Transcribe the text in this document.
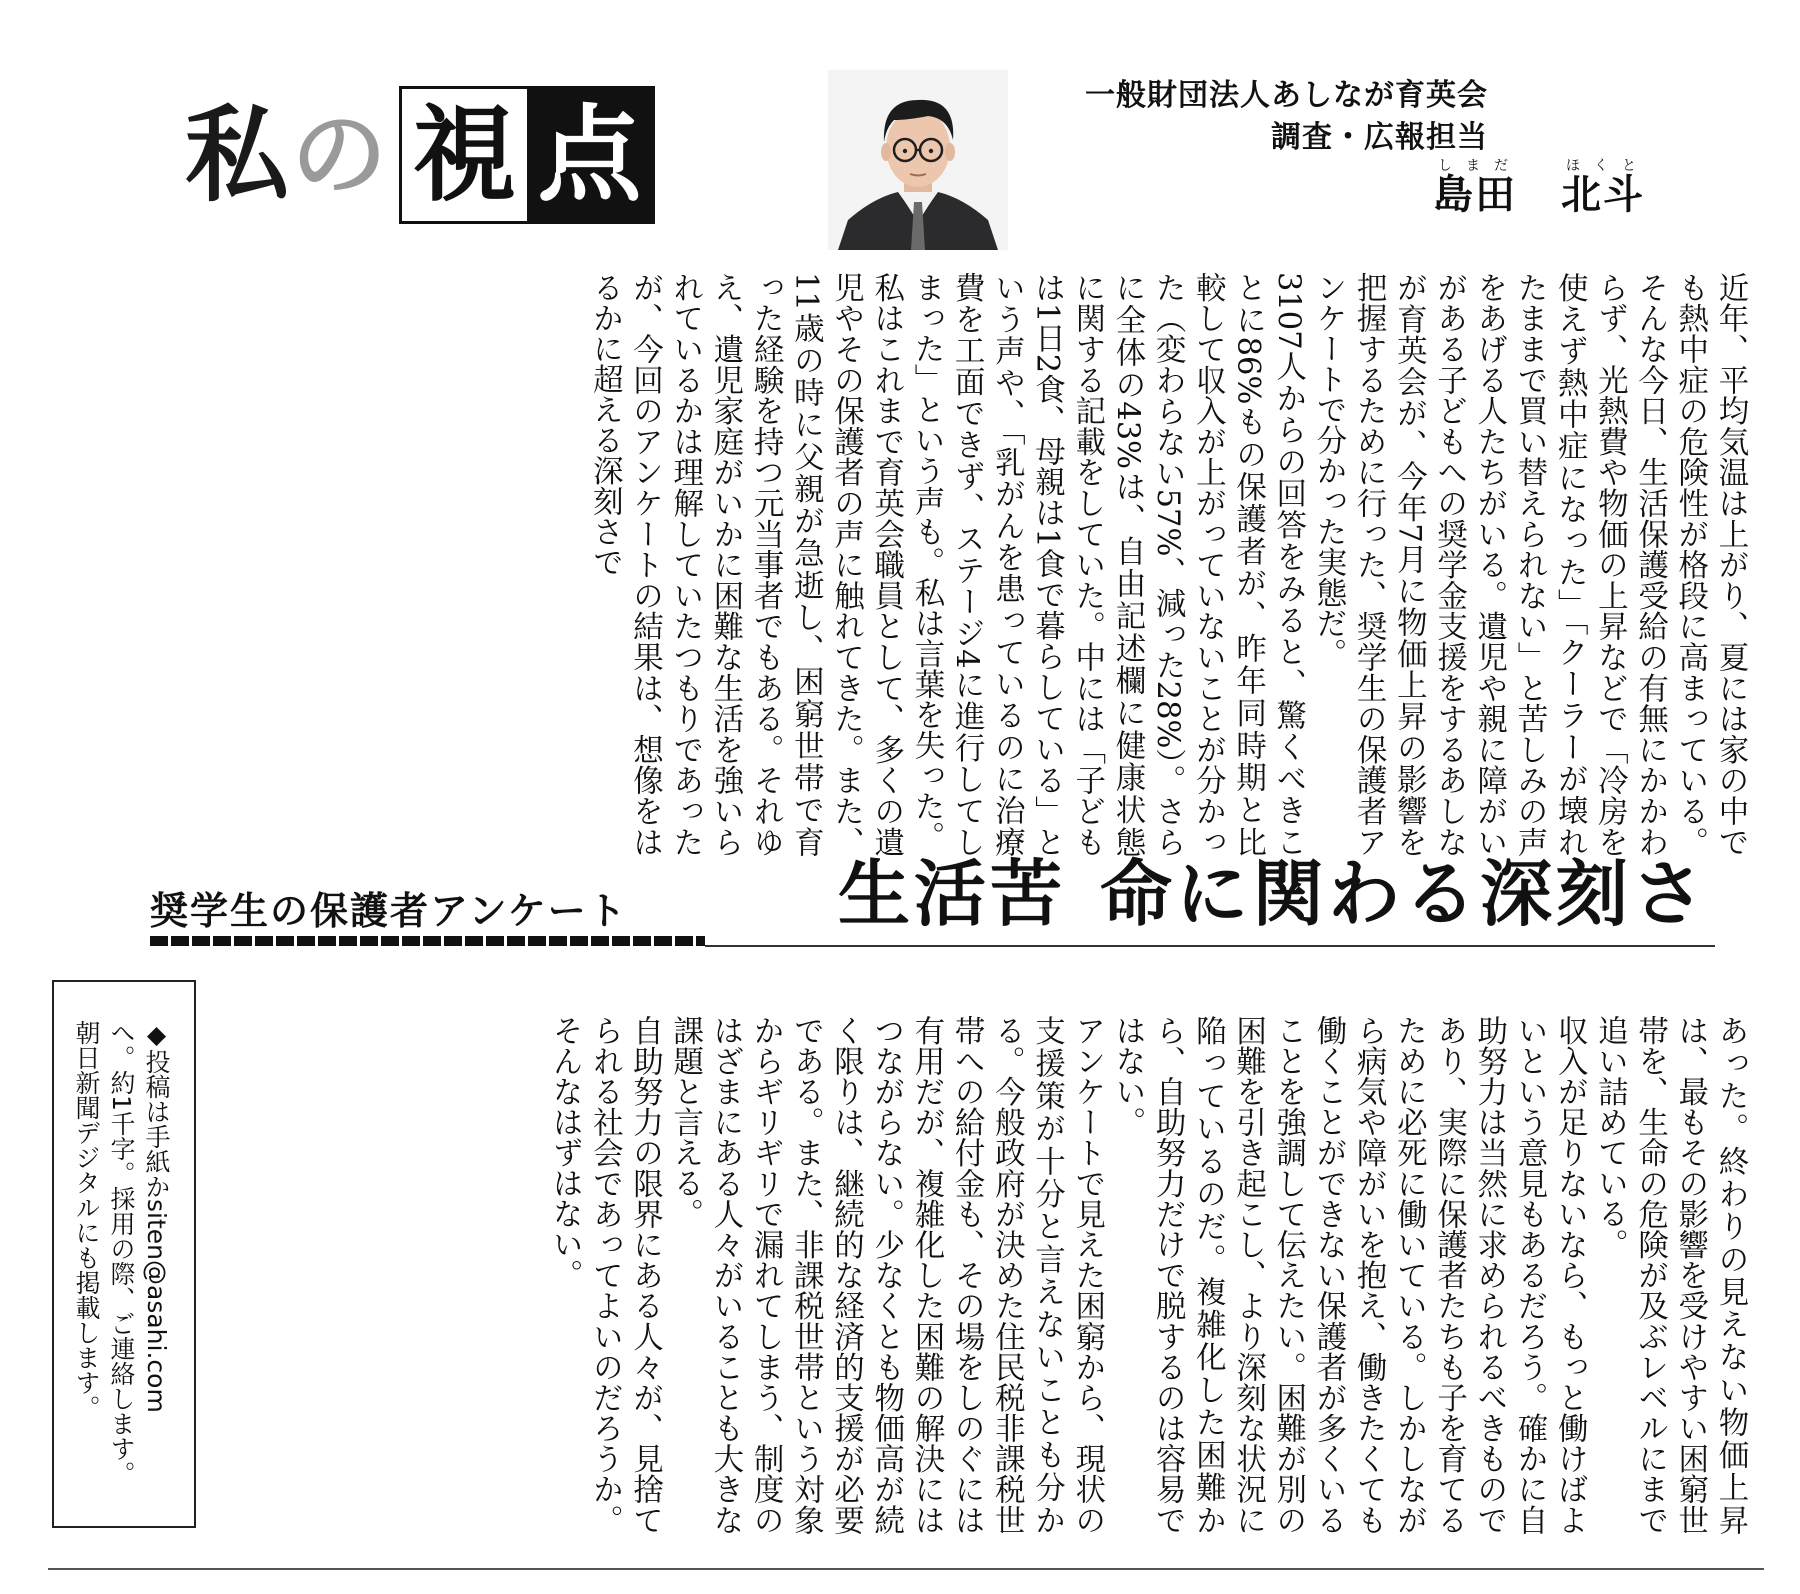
私 の 視 点	一般財団法人あしなが育英会
調査・広報担当
島田しまだ北斗ほくと

近年、平均気温は上がり、夏には家の中でも熱中症の危険性が格段に高まっている。そんな今日、生活保護受給の有無にかかわらず、光熱費や物価の上昇などで「冷房を使えず熱中症になった」「クーラーが壊れたままで買い替えられない」と苦しみの声をあげる人たちがいる。遺児や親に障がいがある子どもへの奨学金支援をするあしなが育英会が、今年7月に物価上昇の影響を把握するために行った、奨学生の保護者アンケートで分かった実態だ。

3107人からの回答をみると、驚くべきことに86%もの保護者が、昨年同時期と比較して収入が上がっていないことが分かった（変わらない57%、減った28%）。さらに全体の43%は、自由記述欄に健康状態に関する記載をしていた。中には「子どもは1日2食、母親は1食で暮らしている」という声や、「乳がんを患っているのに治療費を工面できず、ステージ4に進行してしまった」という声も。私は言葉を失った。

私はこれまで育英会職員として、多くの遺児やその保護者の声に触れてきた。また、11歳の時に父親が急逝し、困窮世帯で育った経験を持つ元当事者でもある。それゆえ、遺児家庭がいかに困難な生活を強いられているかは理解していたつもりであったが、今回のアンケートの結果は、想像をはるかに超える深刻さで

奨学生の保護者アンケート	生活苦 命に関わる深刻さ

あった。終わりの見えない物価上昇は、最もその影響を受けやすい困窮世帯を、生命の危険が及ぶレベルにまで追い詰めている。

収入が足りないなら、もっと働けばよいという意見もあるだろう。確かに自助努力は当然に求められるべきものであり、実際に保護者たちも子を育てるために必死に働いている。しかしながら病気や障がいを抱え、働きたくても働くことができない保護者が多くいることを強調して伝えたい。困難が別の困難を引き起こし、より深刻な状況に陥っているのだ。複雑化した困難から、自助努力だけで脱するのは容易ではない。

アンケートで見えた困窮から、現状の支援策が十分と言えないことも分かる。今般政府が決めた住民税非課税世帯への給付金も、その場をしのぐには有用だが、複雑化した困難の解決にはつながらない。少なくとも物価高が続く限りは、継続的な経済的支援が必要である。また、非課税世帯という対象からギリギリで漏れてしまう、制度のはざまにある人々がいることも大きな課題と言える。

自助努力の限界にある人々が、見捨てられる社会であってよいのだろうか。そんなはずはない。

◆投稿は手紙かsiten@asahi.com

へ。約1千字。採用の際、ご連絡します。

朝日新聞デジタルにも掲載します。
